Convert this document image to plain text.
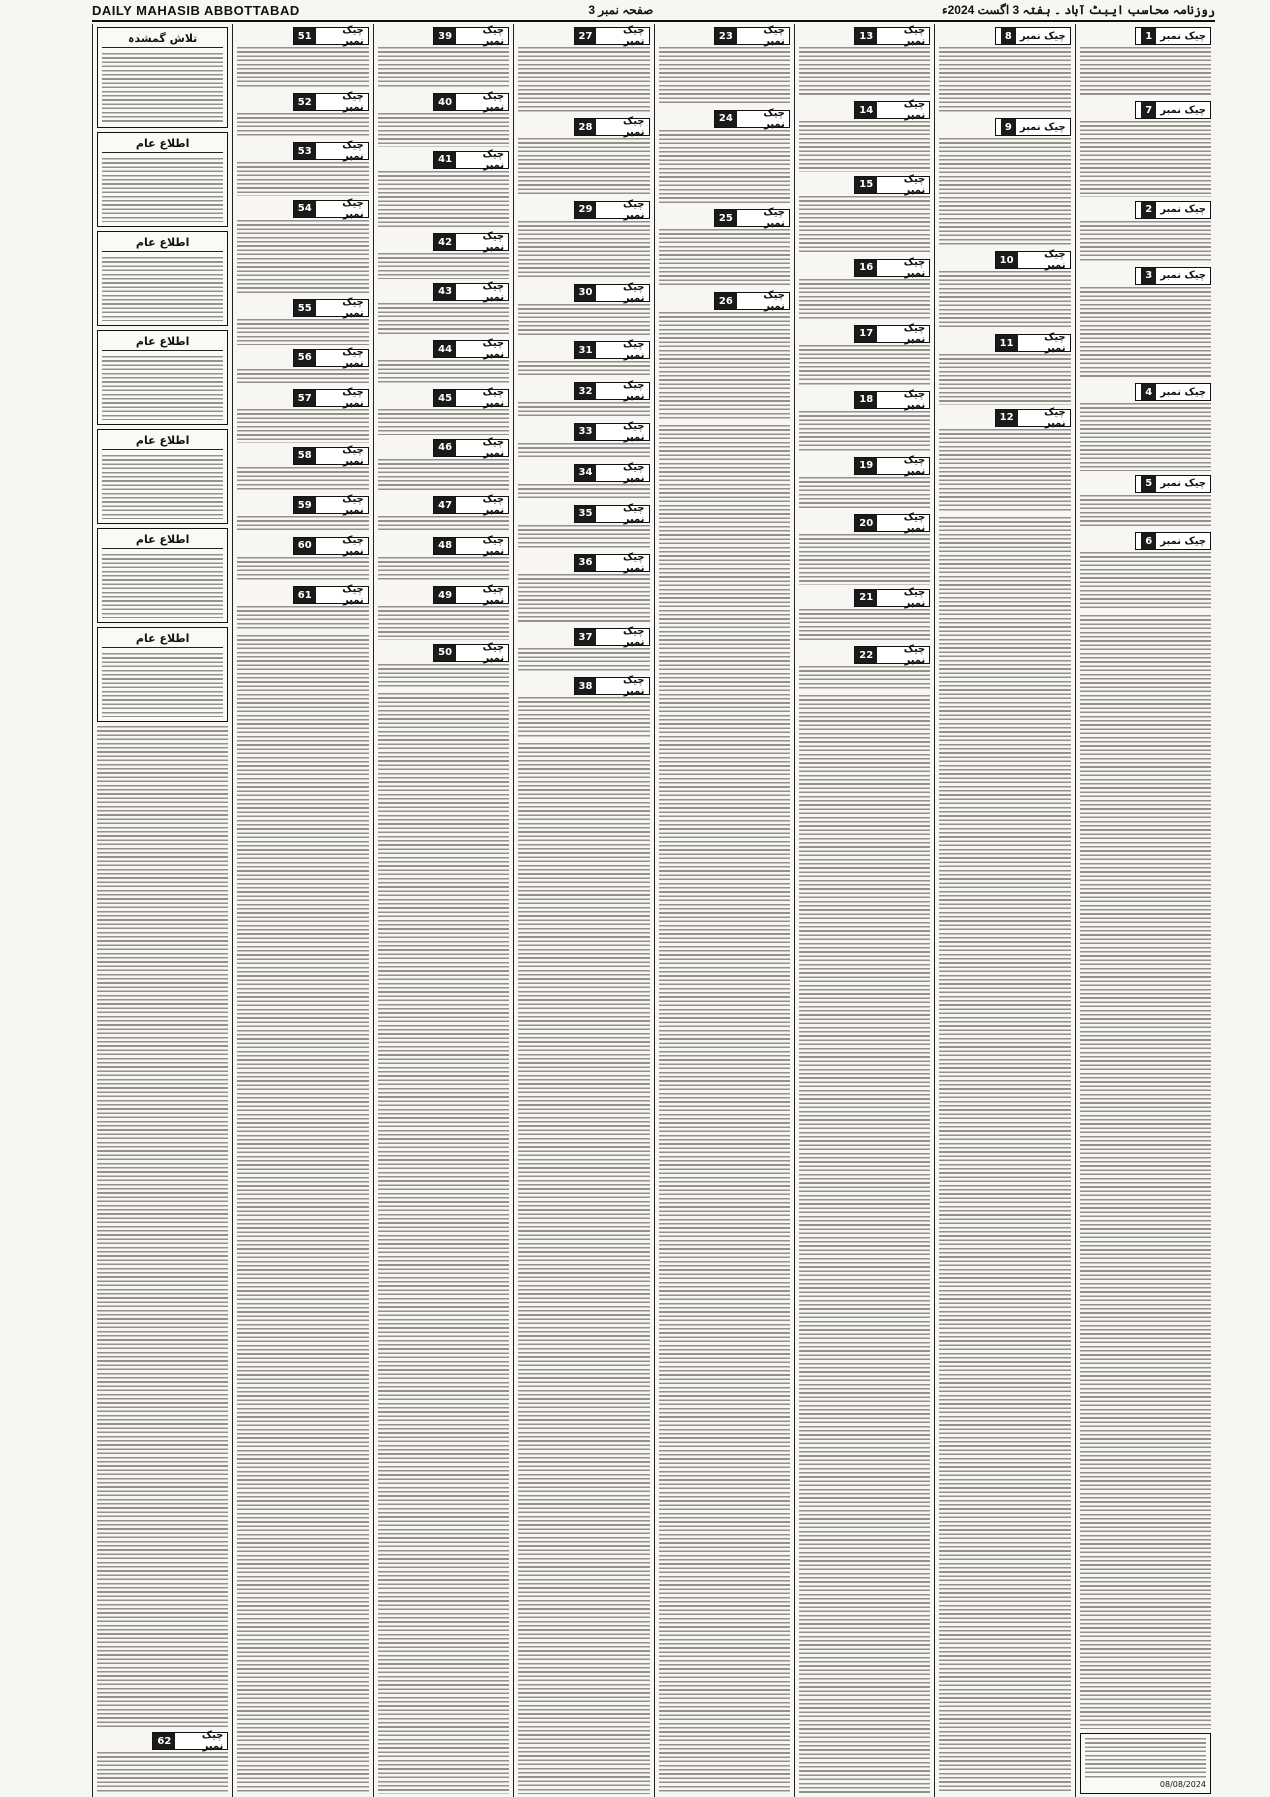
DAILY MAHASIB ABBOTTABAD	صفحہ نمبر 3	روزنامہ محاسب ایبٹ آباد ۔ ہفتہ 3 اگست 2024ء
چیک نمبر
1
چیک نمبر
7
چیک نمبر
2
چیک نمبر
3
چیک نمبر
4
چیک نمبر
5
چیک نمبر
6
08/08/2024
چیک نمبر
8
چیک نمبر
9
چیک نمبر
10
چیک نمبر
11
چیک نمبر
12
چیک نمبر
13
چیک نمبر
14
چیک نمبر
15
چیک نمبر
16
چیک نمبر
17
چیک نمبر
18
چیک نمبر
19
چیک نمبر
20
چیک نمبر
21
چیک نمبر
22
چیک نمبر
23
چیک نمبر
24
چیک نمبر
25
چیک نمبر
26
چیک نمبر
27
چیک نمبر
28
چیک نمبر
29
چیک نمبر
30
چیک نمبر
31
چیک نمبر
32
چیک نمبر
33
چیک نمبر
34
چیک نمبر
35
چیک نمبر
36
چیک نمبر
37
چیک نمبر
38
چیک نمبر
39
چیک نمبر
40
چیک نمبر
41
چیک نمبر
42
چیک نمبر
43
چیک نمبر
44
چیک نمبر
45
چیک نمبر
46
چیک نمبر
47
چیک نمبر
48
چیک نمبر
49
چیک نمبر
50
چیک نمبر
51
چیک نمبر
52
چیک نمبر
53
چیک نمبر
54
چیک نمبر
55
چیک نمبر
56
چیک نمبر
57
چیک نمبر
58
چیک نمبر
59
چیک نمبر
60
چیک نمبر
61
تلاش گمشدہ
اطلاع عام
اطلاع عام
اطلاع عام
اطلاع عام
اطلاع عام
اطلاع عام
چیک نمبر
62
